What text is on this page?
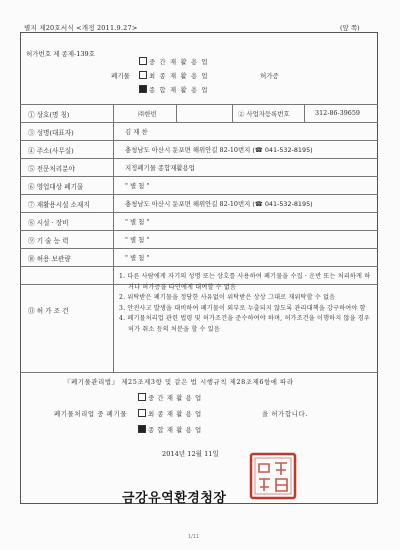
별지 제20호서식 <개정 2011.9.27>	(앞 쪽)
허가번호 제 종제-139호
중 간 재 활 용 업
폐기물	최 종 재 활 용 업	허가증
종 합 재 활 용 업
① 상호(명 칭)	㈜한빈	② 사업자등록번호	312-86-39659
③ 성명(대표자)	김 재 찬
④ 주소(사무실)	충청남도 아산시 둔포면 해위안길 82-10번지 (☎ 041-532-8195)
⑤ 전문처리분야	지정폐기물 종합재활용업
⑥ 영업대상 폐기물	" 별 첨 "
⑦ 재활용시설 소재지	충청남도 아산시 둔포면 해위안길 82-10번지 (☎ 041-532-8195)
⑧ 시설 · 장비	" 별 첨 "
⑨ 기 술 능 력	" 별 첨 "
⑩ 허용 보관량	" 별 첨 "
⑪ 허 가 조 건

1. 다른 사람에게 자기의 성명 또는 상호를 사용하여 폐기물을 수집 · 운반 또는 처리하게 하거나 허가증을 타인에게 대여할 수 없음

2. 위탁받은 폐기물을 정당한 사유없이 위탁받은 상상 그대로 재위탁할 수 없음

3. 안전사고 발생을 대비하여 폐기물이 외부로 누출되지 않도록 관리대책을 강구하여야 함

4. 폐기물처리업 관련 법령 및 허가조건을 준수하여야 하며, 허가조건을 이행하지 않을 경우 허가 취소 등의 처분을 할 수 있음

『폐기물관리법』 제25조제3항 및 같은 법 시행규칙 제28조제6항에 따라
중 간 재 활 용 업
폐기물처리업 중 폐기물	최 종 재 활 용 업	을 허가합니다.
종 합 재 활 용 업
2014년 12월 11일
금강유역환경청장
1/11
